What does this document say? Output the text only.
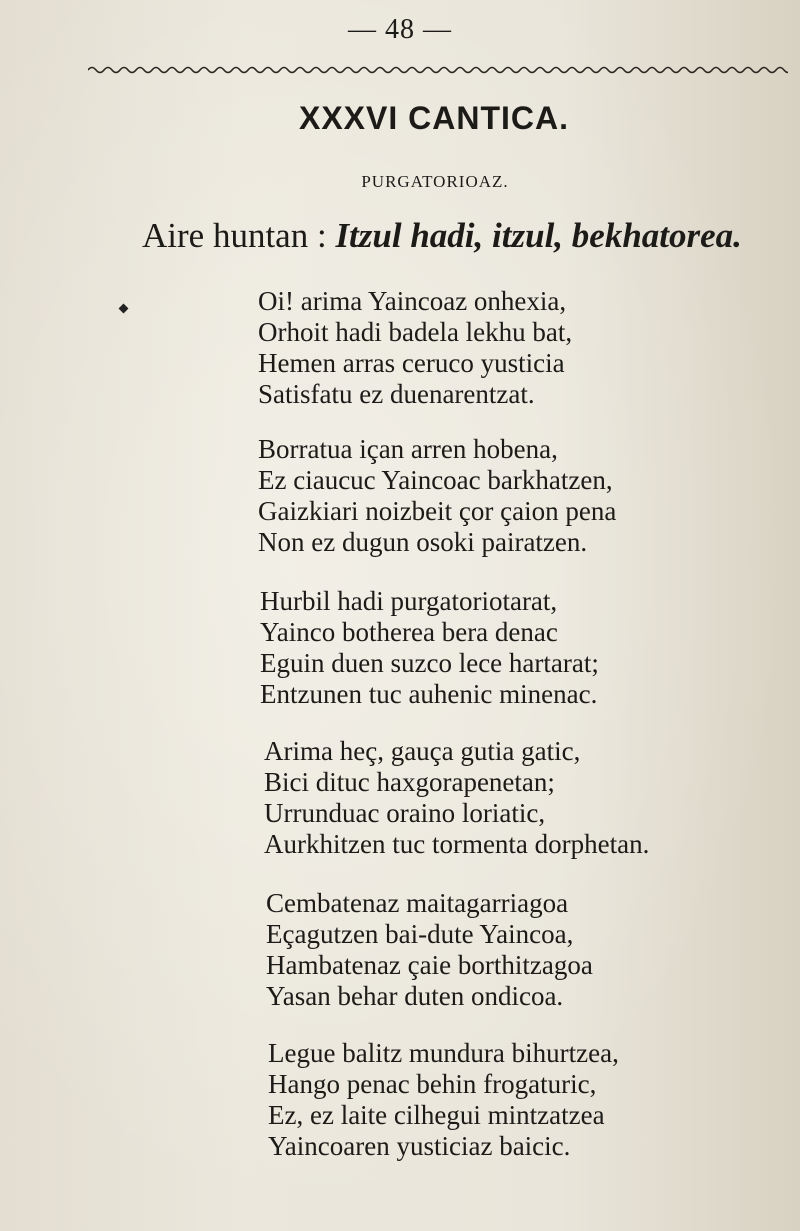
— 48 —
XXXVI CANTICA.
PURGATORIOAZ.
Aire huntan : Itzul hadi, itzul, bekhatorea.
Oi! arima Yaincoaz onhexia,
Orhoit hadi badela lekhu bat,
Hemen arras ceruco yusticia
Satisfatu ez duenarentzat.
Borratua içan arren hobena,
Ez ciaucuc Yaincoac barkhatzen,
Gaizkiari noizbeit çor çaion pena
Non ez dugun osoki pairatzen.
Hurbil hadi purgatoriotarat,
Yainco botherea bera denac
Eguin duen suzco lece hartarat;
Entzunen tuc auhenic minenac.
Arima heç, gauça gutia gatic,
Bici dituc haxgorapenetan;
Urrunduac oraino loriatic,
Aurkhitzen tuc tormenta dorphetan.
Cembatenaz maitagarriagoa
Eçagutzen bai-dute Yaincoa,
Hambatenaz çaie borthitzagoa
Yasan behar duten ondicoa.
Legue balitz mundura bihurtzea,
Hango penac behin frogaturic,
Ez, ez laite cilhegui mintzatzea
Yaincoaren yusticiaz baicic.
